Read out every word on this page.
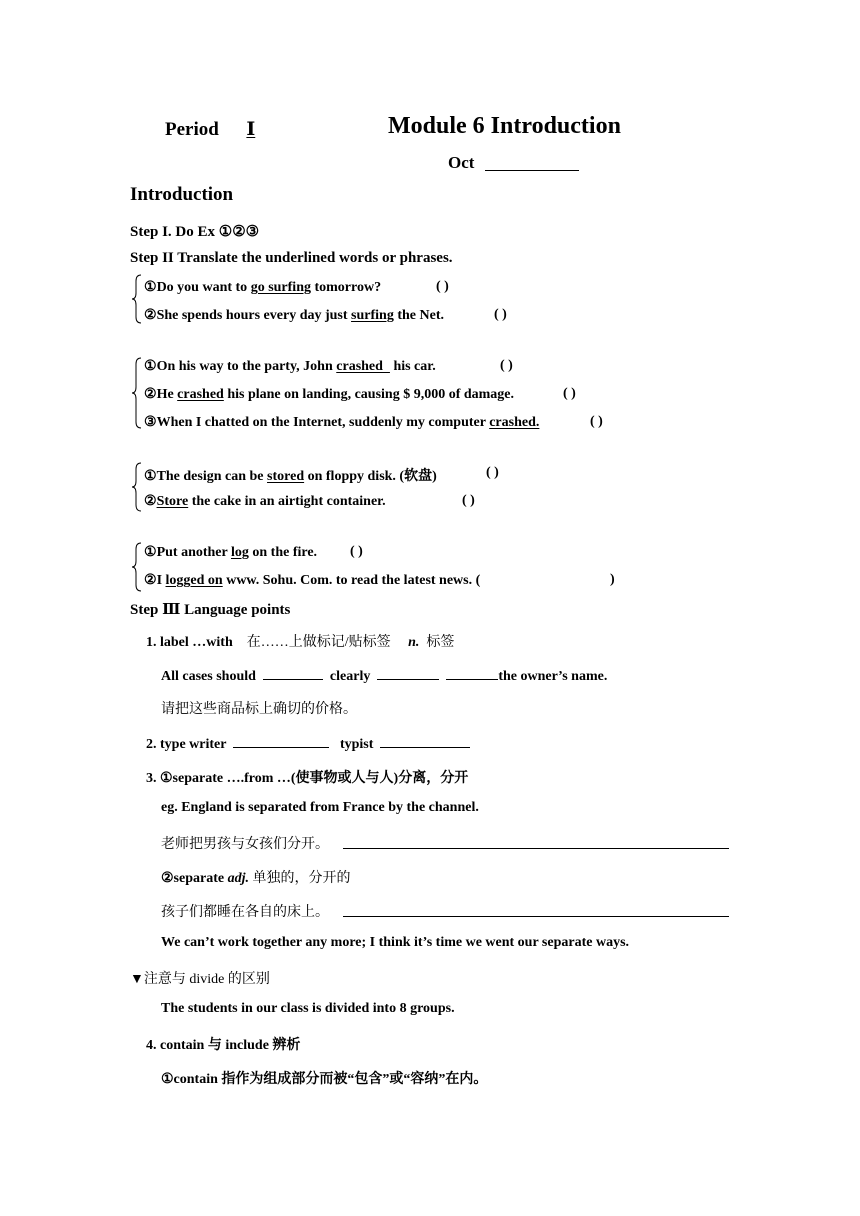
Period Ⅰ	Module 6 Introduction
Oct
Introduction
Step I. Do Ex ①②③
Step II Translate the underlined words or phrases.
①Do you want to go surfing tomorrow?	( )
②She spends hours every day just surfing the Net.	( )
①On his way to the party, John crashed   his car.	( )
②He crashed his plane on landing, causing $ 9,000 of damage.	( )
③When I chatted on the Internet, suddenly my computer crashed.	( )
①The design can be stored on floppy disk. (软盘)	( )
②Store the cake in an airtight container.	( )
①Put another log on the fire. ( )
②I logged on www. Sohu. Com. to read the latest news. (	)
Step Ⅲ Language points
1. label …with 在……上做标记/贴标签 n. 标签
All cases should	clearly	the owner’s name.
请把这些商品标上确切的价格。
2. type writer	typist
3. ①separate ….from …(使事物或人与人)分离，分开
eg. England is separated from France by the channel.
老师把男孩与女孩们分开。
②separate adj. 单独的，分开的
孩子们都睡在各自的床上。
We can’t work together any more; I think it’s time we went our separate ways.
▼注意与 divide 的区别
The students in our class is divided into 8 groups.
4. contain 与 include 辨析
①contain 指作为组成部分而被“包含”或“容纳”在内。
